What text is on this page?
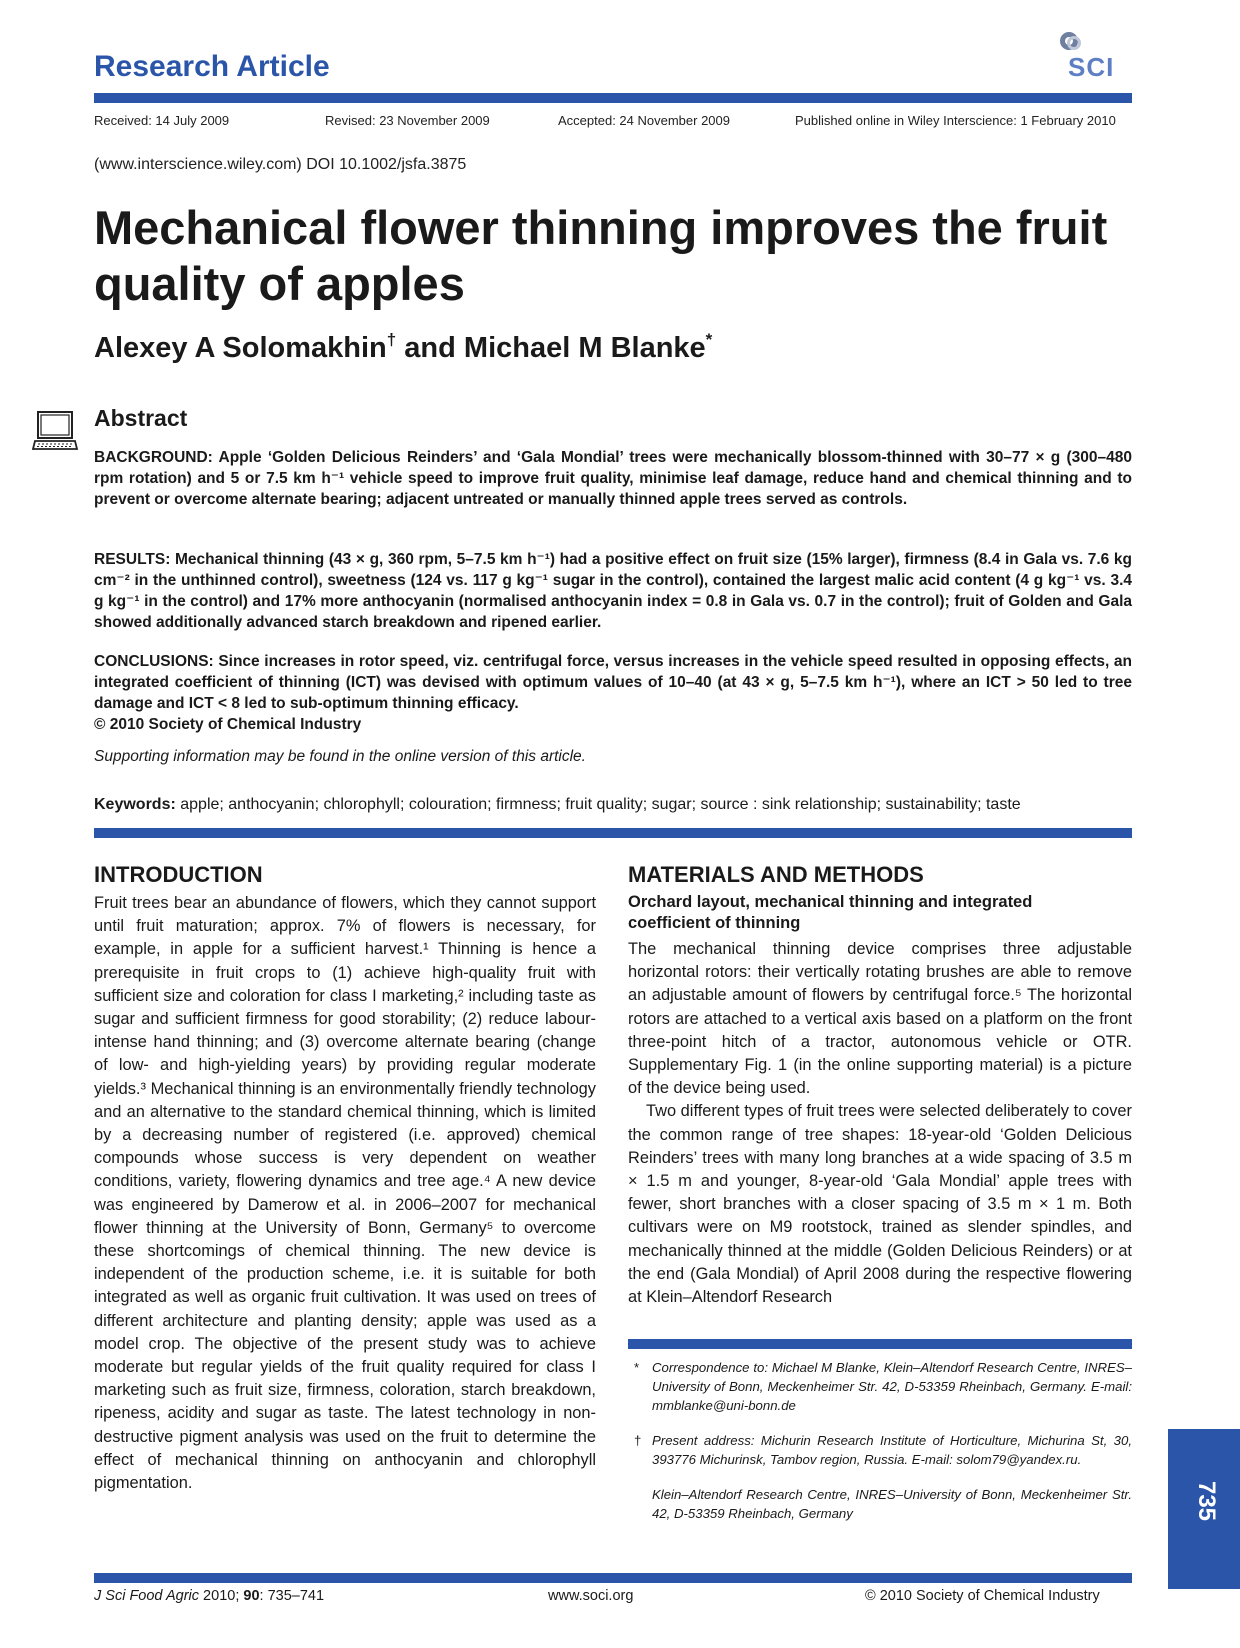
Research Article	SCI
Received: 14 July 2009	Revised: 23 November 2009	Accepted: 24 November 2009	Published online in Wiley Interscience: 1 February 2010
(www.interscience.wiley.com) DOI 10.1002/jsfa.3875
Mechanical flower thinning improves the fruit quality of apples
Alexey A Solomakhin† and Michael M Blanke*
Abstract

BACKGROUND: Apple ‘Golden Delicious Reinders’ and ‘Gala Mondial’ trees were mechanically blossom-thinned with 30–77 × g (300–480 rpm rotation) and 5 or 7.5 km h⁻¹ vehicle speed to improve fruit quality, minimise leaf damage, reduce hand and chemical thinning and to prevent or overcome alternate bearing; adjacent untreated or manually thinned apple trees served as controls.

RESULTS: Mechanical thinning (43 × g, 360 rpm, 5–7.5 km h⁻¹) had a positive effect on fruit size (15% larger), firmness (8.4 in Gala vs. 7.6 kg cm⁻² in the unthinned control), sweetness (124 vs. 117 g kg⁻¹ sugar in the control), contained the largest malic acid content (4 g kg⁻¹ vs. 3.4 g kg⁻¹ in the control) and 17% more anthocyanin (normalised anthocyanin index = 0.8 in Gala vs. 0.7 in the control); fruit of Golden and Gala showed additionally advanced starch breakdown and ripened earlier.

CONCLUSIONS: Since increases in rotor speed, viz. centrifugal force, versus increases in the vehicle speed resulted in opposing effects, an integrated coefficient of thinning (ICT) was devised with optimum values of 10–40 (at 43 × g, 5–7.5 km h⁻¹), where an ICT > 50 led to tree damage and ICT < 8 led to sub-optimum thinning efficacy.

© 2010 Society of Chemical Industry

Supporting information may be found in the online version of this article.
Keywords: apple; anthocyanin; chlorophyll; colouration; firmness; fruit quality; sugar; source : sink relationship; sustainability; taste
INTRODUCTION

Fruit trees bear an abundance of flowers, which they cannot support until fruit maturation; approx. 7% of flowers is necessary, for example, in apple for a sufficient harvest.¹ Thinning is hence a prerequisite in fruit crops to (1) achieve high-quality fruit with sufficient size and coloration for class I marketing,² including taste as sugar and sufficient firmness for good storability; (2) reduce labour-intense hand thinning; and (3) overcome alternate bearing (change of low- and high-yielding years) by providing regular moderate yields.³ Mechanical thinning is an environmentally friendly technology and an alternative to the standard chemical thinning, which is limited by a decreasing number of registered (i.e. approved) chemical compounds whose success is very dependent on weather conditions, variety, flowering dynamics and tree age.⁴ A new device was engineered by Damerow et al. in 2006–2007 for mechanical flower thinning at the University of Bonn, Germany⁵ to overcome these shortcomings of chemical thinning. The new device is independent of the production scheme, i.e. it is suitable for both integrated as well as organic fruit cultivation. It was used on trees of different architecture and planting density; apple was used as a model crop. The objective of the present study was to achieve moderate but regular yields of the fruit quality required for class I marketing such as fruit size, firmness, coloration, starch breakdown, ripeness, acidity and sugar as taste. The latest technology in non-destructive pigment analysis was used on the fruit to determine the effect of mechanical thinning on anthocyanin and chlorophyll pigmentation.

MATERIALS AND METHODS
Orchard layout, mechanical thinning and integrated coefficient of thinning

The mechanical thinning device comprises three adjustable horizontal rotors: their vertically rotating brushes are able to remove an adjustable amount of flowers by centrifugal force.⁵ The horizontal rotors are attached to a vertical axis based on a platform on the front three-point hitch of a tractor, autonomous vehicle or OTR. Supplementary Fig. 1 (in the online supporting material) is a picture of the device being used.

Two different types of fruit trees were selected deliberately to cover the common range of tree shapes: 18-year-old ‘Golden Delicious Reinders’ trees with many long branches at a wide spacing of 3.5 m × 1.5 m and younger, 8-year-old ‘Gala Mondial’ apple trees with fewer, short branches with a closer spacing of 3.5 m × 1 m. Both cultivars were on M9 rootstock, trained as slender spindles, and mechanically thinned at the middle (Golden Delicious Reinders) or at the end (Gala Mondial) of April 2008 during the respective flowering at Klein–Altendorf Research

* Correspondence to: Michael M Blanke, Klein–Altendorf Research Centre, INRES–University of Bonn, Meckenheimer Str. 42, D-53359 Rheinbach, Germany. E-mail: mmblanke@uni-bonn.de
† Present address: Michurin Research Institute of Horticulture, Michurina St, 30, 393776 Michurinsk, Tambov region, Russia. E-mail: solom79@yandex.ru.
Klein–Altendorf Research Centre, INRES–University of Bonn, Meckenheimer Str. 42, D-53359 Rheinbach, Germany
J Sci Food Agric 2010; 90: 735–741	www.soci.org	© 2010 Society of Chemical Industry
735
